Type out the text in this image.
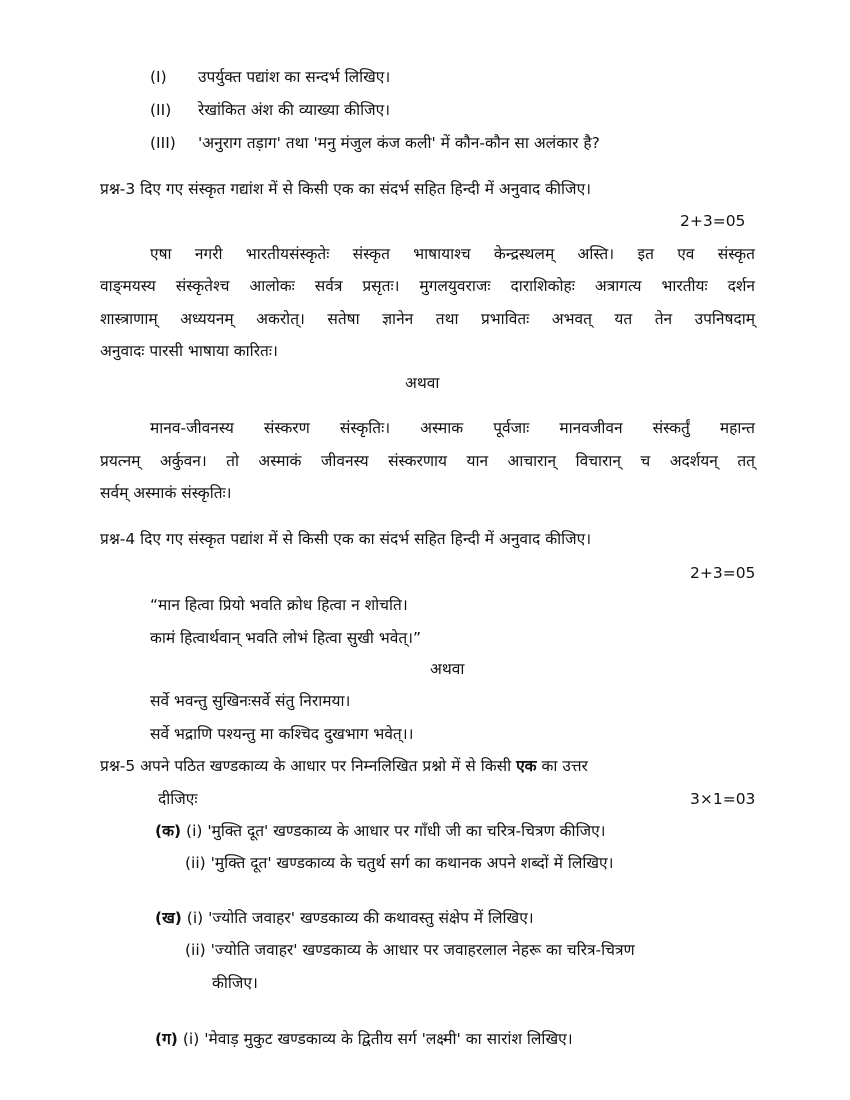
(I) उपर्युक्त पद्यांश का सन्दर्भ लिखिए।
(II) रेखांकित अंश की व्याख्या कीजिए।
(III) 'अनुराग तड़ाग' तथा 'मनु मंजुल कंज कली' में कौन-कौन सा अलंकार है?
प्रश्न-3 दिए गए संस्कृत गद्यांश में से किसी एक का संदर्भ सहित हिन्दी में अनुवाद कीजिए।
2+3=05
एषा नगरी भारतीयसंस्कृतेः संस्कृत भाषायाश्च केन्द्रस्थलम् अस्ति। इत एव संस्कृत
वाङ्‌मयस्य संस्कृतेश्च आलोकः सर्वत्र प्रसृतः। मुगलयुवराजः दाराशिकोहः अत्रागत्य भारतीयः दर्शन
शास्त्राणाम् अध्ययनम् अकरोत्। सतेषा ज्ञानेन तथा प्रभावितः अभवत् यत तेन उपनिषदाम्
अनुवादः पारसी भाषाया कारितः।
अथवा
मानव-जीवनस्य संस्करण संस्कृतिः। अस्माक पूर्वजाः मानवजीवन संस्कर्तुं महान्त
प्रयत्नम् अर्कुवन। तो अस्माकं जीवनस्य संस्करणाय यान आचारान् विचारान् च अदर्शयन् तत्
सर्वम् अस्माकं संस्कृतिः।
प्रश्न-4 दिए गए संस्कृत पद्यांश में से किसी एक का संदर्भ सहित हिन्दी में अनुवाद कीजिए।
2+3=05
“मान हित्वा प्रियो भवति क्रोध हित्वा न शोचति।
कामं हित्वार्थवान् भवति लोभं हित्वा सुखी भवेत्।”
अथवा
सर्वे भवन्तु सुखिनःसर्वे संतु निरामया।
सर्वे भद्राणि पश्यन्तु मा कश्चिद दुखभाग भवेत्।।
प्रश्न-5 अपने पठित खण्डकाव्य के आधार पर निम्नलिखित प्रश्नो में से किसी एक का उत्तर
दीजिएः	3×1=03
(क) (i) 'मुक्ति दूत' खण्डकाव्य के आधार पर गाँधी जी का चरित्र-चित्रण कीजिए।
(ii) 'मुक्ति दूत' खण्डकाव्य के चतुर्थ सर्ग का कथानक अपने शब्दों में लिखिए।
(ख) (i) 'ज्योति जवाहर' खण्डकाव्य की कथावस्तु संक्षेप में लिखिए।
(ii) 'ज्योति जवाहर' खण्डकाव्य के आधार पर जवाहरलाल नेहरू का चरित्र-चित्रण
कीजिए।
(ग) (i) 'मेवाड़ मुकुट खण्डकाव्य के द्वितीय सर्ग 'लक्ष्मी' का सारांश लिखिए।
